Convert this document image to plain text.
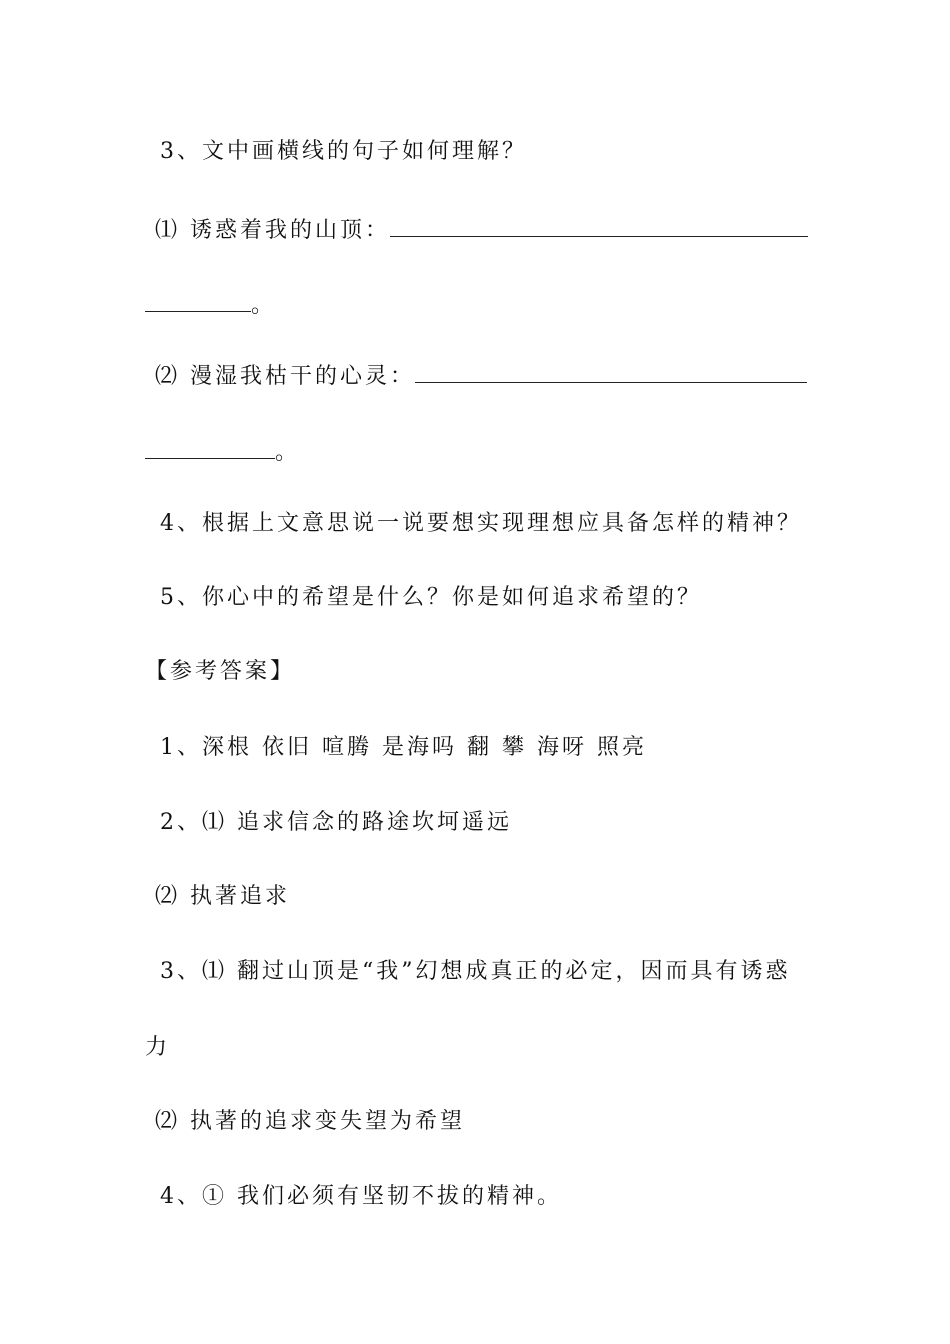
3、文中画横线的句子如何理解？
⑴ 诱惑着我的山顶：
。
⑵ 漫湿我枯干的心灵：
。
4、根据上文意思说一说要想实现理想应具备怎样的精神？
5、你心中的希望是什么？你是如何追求希望的？
【参考答案】
1、深根 依旧 喧腾 是海吗 翻 攀 海呀 照亮
2、⑴ 追求信念的路途坎坷遥远
⑵ 执著追求
3、⑴ 翻过山顶是“我”幻想成真正的必定，因而具有诱惑
力
⑵ 执著的追求变失望为希望
4、① 我们必须有坚韧不拔的精神。
